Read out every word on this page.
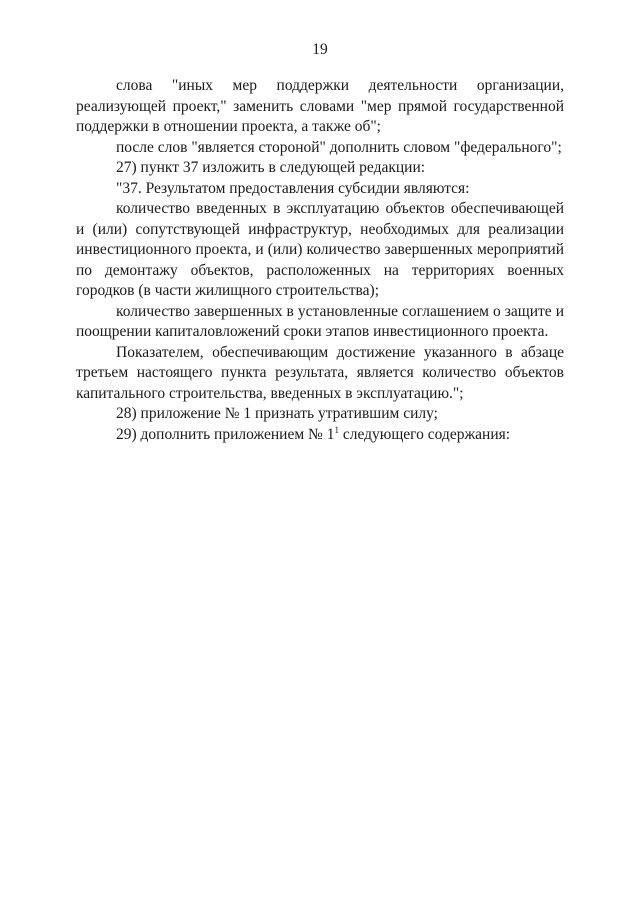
19

слова "иных мер поддержки деятельности организации, реализующей проект," заменить словами "мер прямой государственной поддержки в отношении проекта, а также об";

после слов "является стороной" дополнить словом "федерального";

27) пункт 37 изложить в следующей редакции:

"37. Результатом предоставления субсидии являются:

количество введенных в эксплуатацию объектов обеспечивающей и (или) сопутствующей инфраструктур, необходимых для реализации инвестиционного проекта, и (или) количество завершенных мероприятий по демонтажу объектов, расположенных на территориях военных городков (в части жилищного строительства);

количество завершенных в установленные соглашением о защите и поощрении капиталовложений сроки этапов инвестиционного проекта.

Показателем, обеспечивающим достижение указанного в абзаце третьем настоящего пункта результата, является количество объектов капитального строительства, введенных в эксплуатацию.";

28) приложение № 1 признать утратившим силу;

29) дополнить приложением № $1^1$ следующего содержания:
